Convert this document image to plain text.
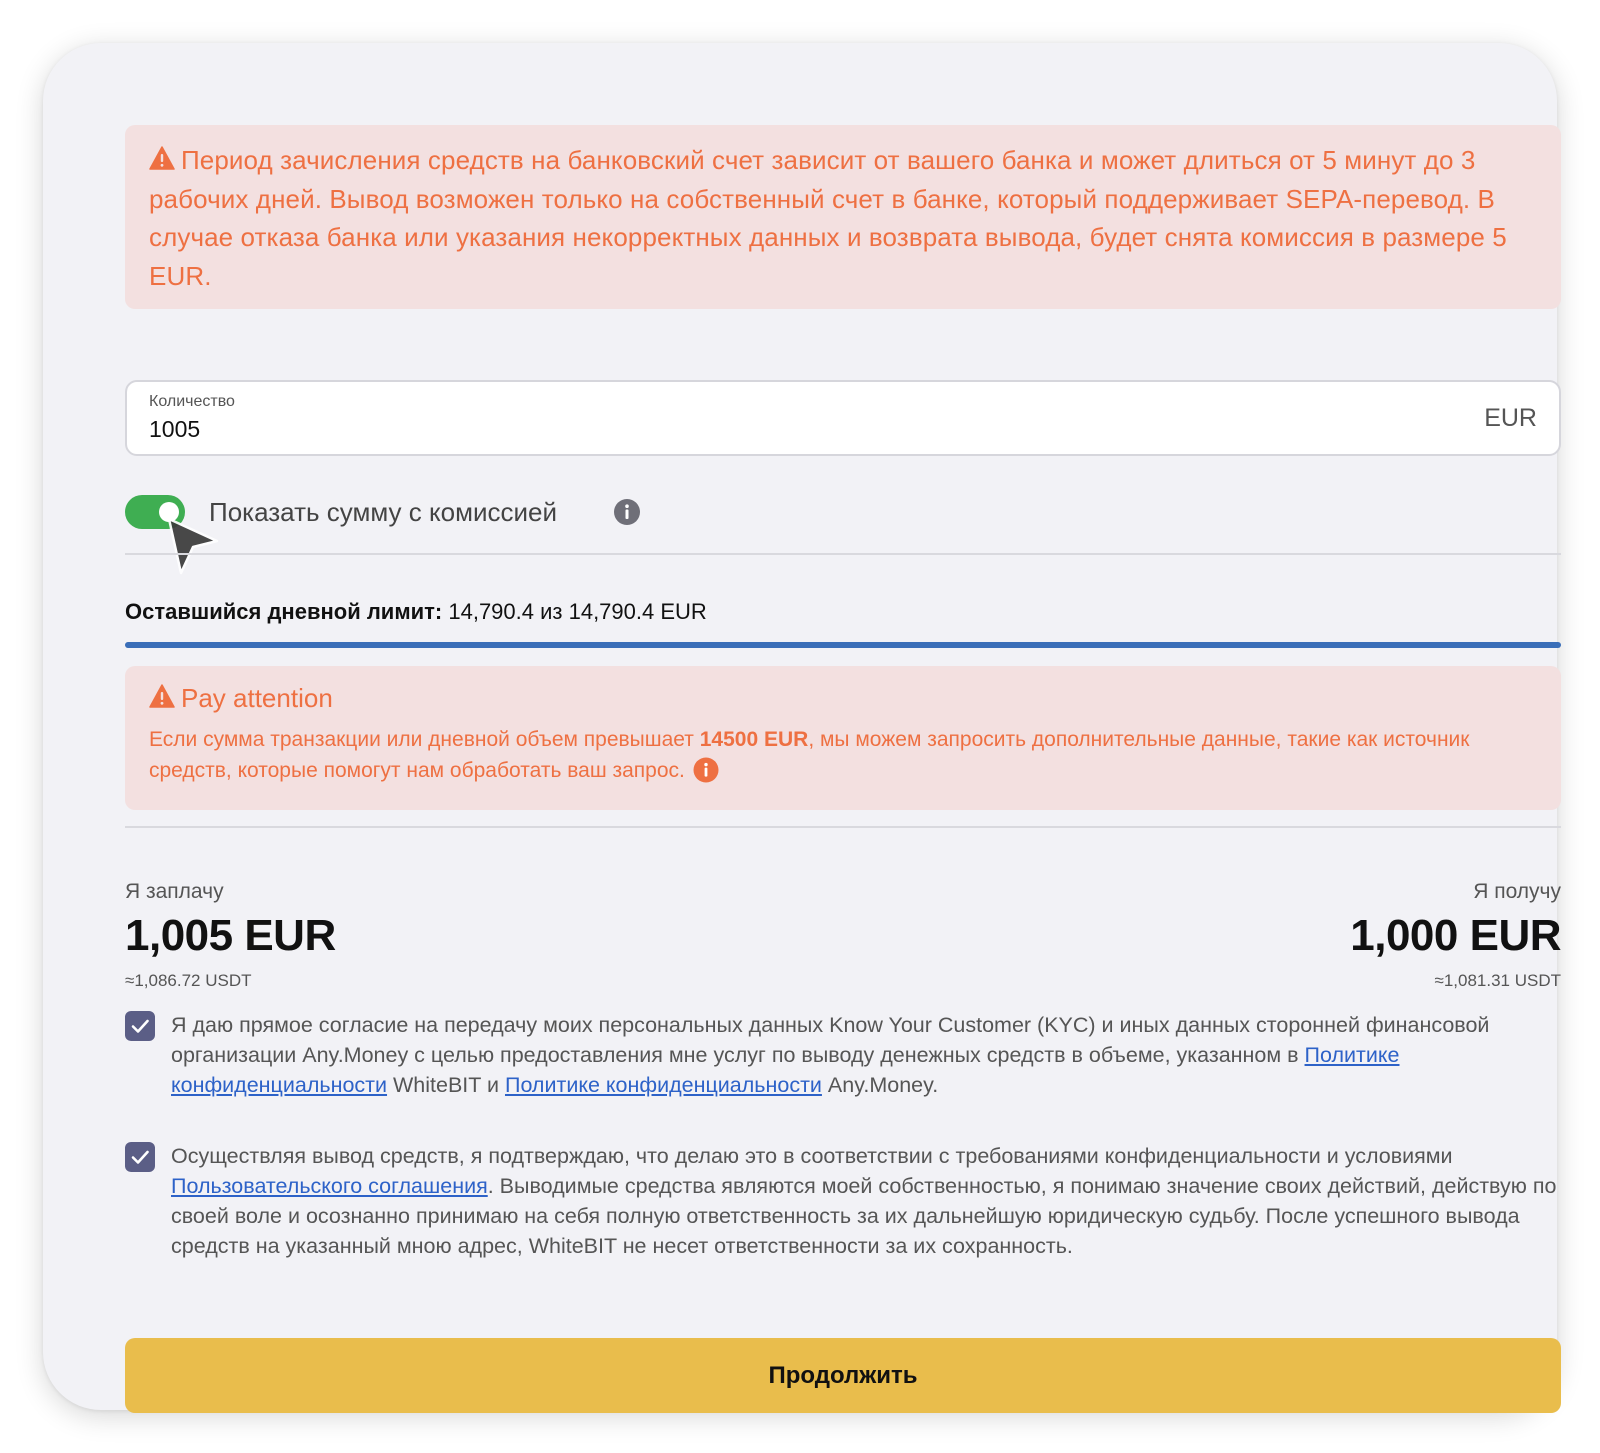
Период зачисления средств на банковский счет зависит от вашего банка и может длиться от 5 минут до 3 рабочих дней. Вывод возможен только на собственный счет в банке, который поддерживает SEPA-перевод. В случае отказа банка или указания некорректных данных и возврата вывода, будет снята комиссия в размере 5 EUR.
Количество
1005
EUR
Показать сумму с комиссией
Оставшийся дневной лимит: 14,790.4 из 14,790.4 EUR
Pay attention
Если сумма транзакции или дневной объем превышает 14500 EUR, мы можем запросить дополнительные данные, такие как источник средств, которые помогут нам обработать ваш запрос.
Я заплачу
1,005 EUR
≈1,086.72 USDT
Я получу
1,000 EUR
≈1,081.31 USDT
Я даю прямое согласие на передачу моих персональных данных Know Your Customer (KYC) и иных данных сторонней финансовой организации Any.Money с целью предоставления мне услуг по выводу денежных средств в объеме, указанном в Политике конфиденциальности WhiteBIT и Политике конфиденциальности Any.Money.
Осуществляя вывод средств, я подтверждаю, что делаю это в соответствии с требованиями конфиденциальности и условиями Пользовательского соглашения. Выводимые средства являются моей собственностью, я понимаю значение своих действий, действую по своей воле и осознанно принимаю на себя полную ответственность за их дальнейшую юридическую судьбу. После успешного вывода средств на указанный мною адрес, WhiteBIT не несет ответственности за их сохранность.
Продолжить
